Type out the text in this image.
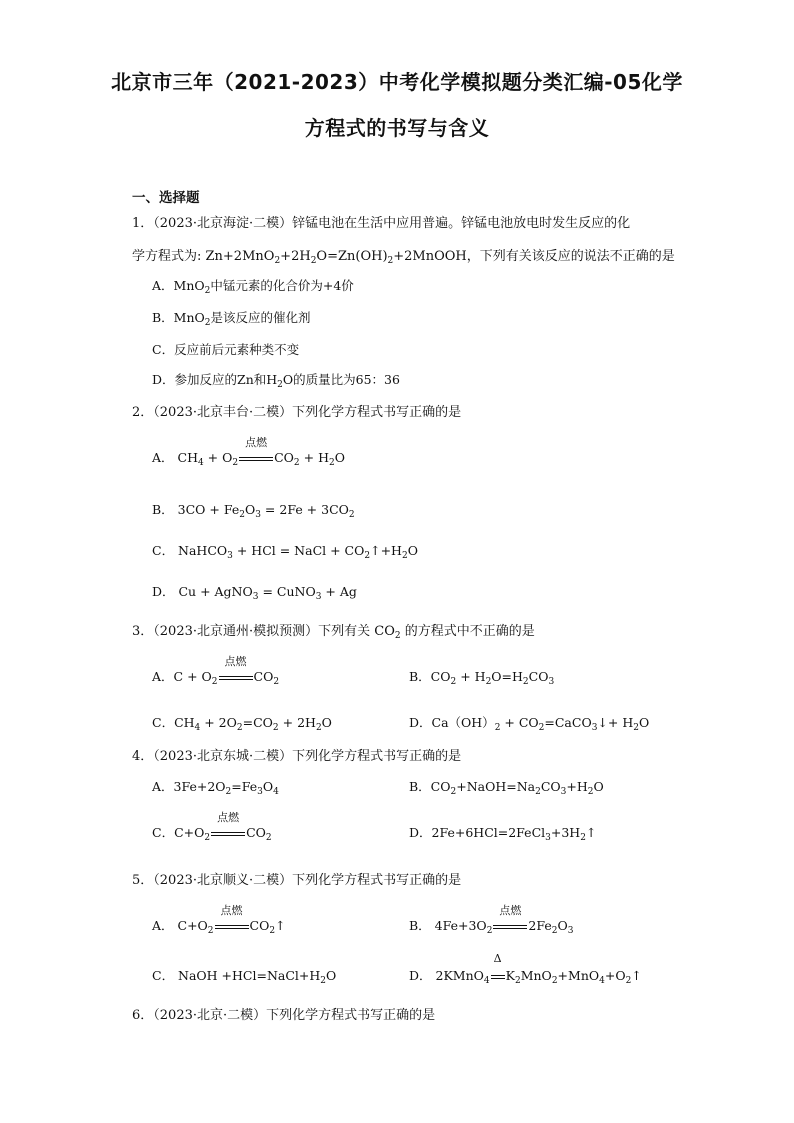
北京市三年（2021-2023）中考化学模拟题分类汇编-05化学
方程式的书写与含义
一、选择题
1．（2023·北京海淀·二模）锌锰电池在生活中应用普遍。锌锰电池放电时发生反应的化
学方程式为: $Zn+2MnO_2+2H_2O=Zn(OH)_2+2MnOOH$，下列有关该反应的说法不正确的是
A．MnO$_2$中锰元素的化合价为+4价
B．MnO$_2$是该反应的催化剂
C．反应前后元素种类不变
D．参加反应的Zn和$H_2O$的质量比为65：36
2．（2023·北京丰台·二模）下列化学方程式书写正确的是
A． $CH_4 + O_2$
点燃
$CO_2 + H_2O$
B． $3CO + Fe_2O_3 = 2Fe + 3CO_2$
C． NaHCO$_3$ + HCl = NaCl + $CO_2↑+H_2O$
D． Cu + AgNO$_3$ = CuNO$_3$ + Ag
3．（2023·北京通州·模拟预测）下列有关 $CO_2$ 的方程式中不正确的是
A．$C + O_2$
点燃
$CO_2$	B．$CO_2 + H_2O=H_2CO_3$
C．$CH_4 + 2O_2=CO_2 + 2H_2O$	D．$Ca(OH)_2$ + $CO_2=CaCO_3↓+ H_2O$
4．（2023·北京东城·二模）下列化学方程式书写正确的是
A．$3Fe+2O_2=Fe_3O_4$	B．$CO_2+NaOH=Na_2CO_3+H_2O$
C．$C+O_2$
点燃
$CO_2$	D．$2Fe+6HCl=2FeCl_3+3H_2↑$
5．（2023·北京顺义·二模）下列化学方程式书写正确的是
A． $C+O_2$
点燃
$CO_2↑$	B． $4Fe+3O_2$
点燃
$2Fe_2O_3$
C． NaOH $+HCl=NaCl+H_2O$	D． 2KMnO$_4$
Δ
$K_2MnO_2+MnO_4+O_2↑$
6．（2023·北京·二模）下列化学方程式书写正确的是
